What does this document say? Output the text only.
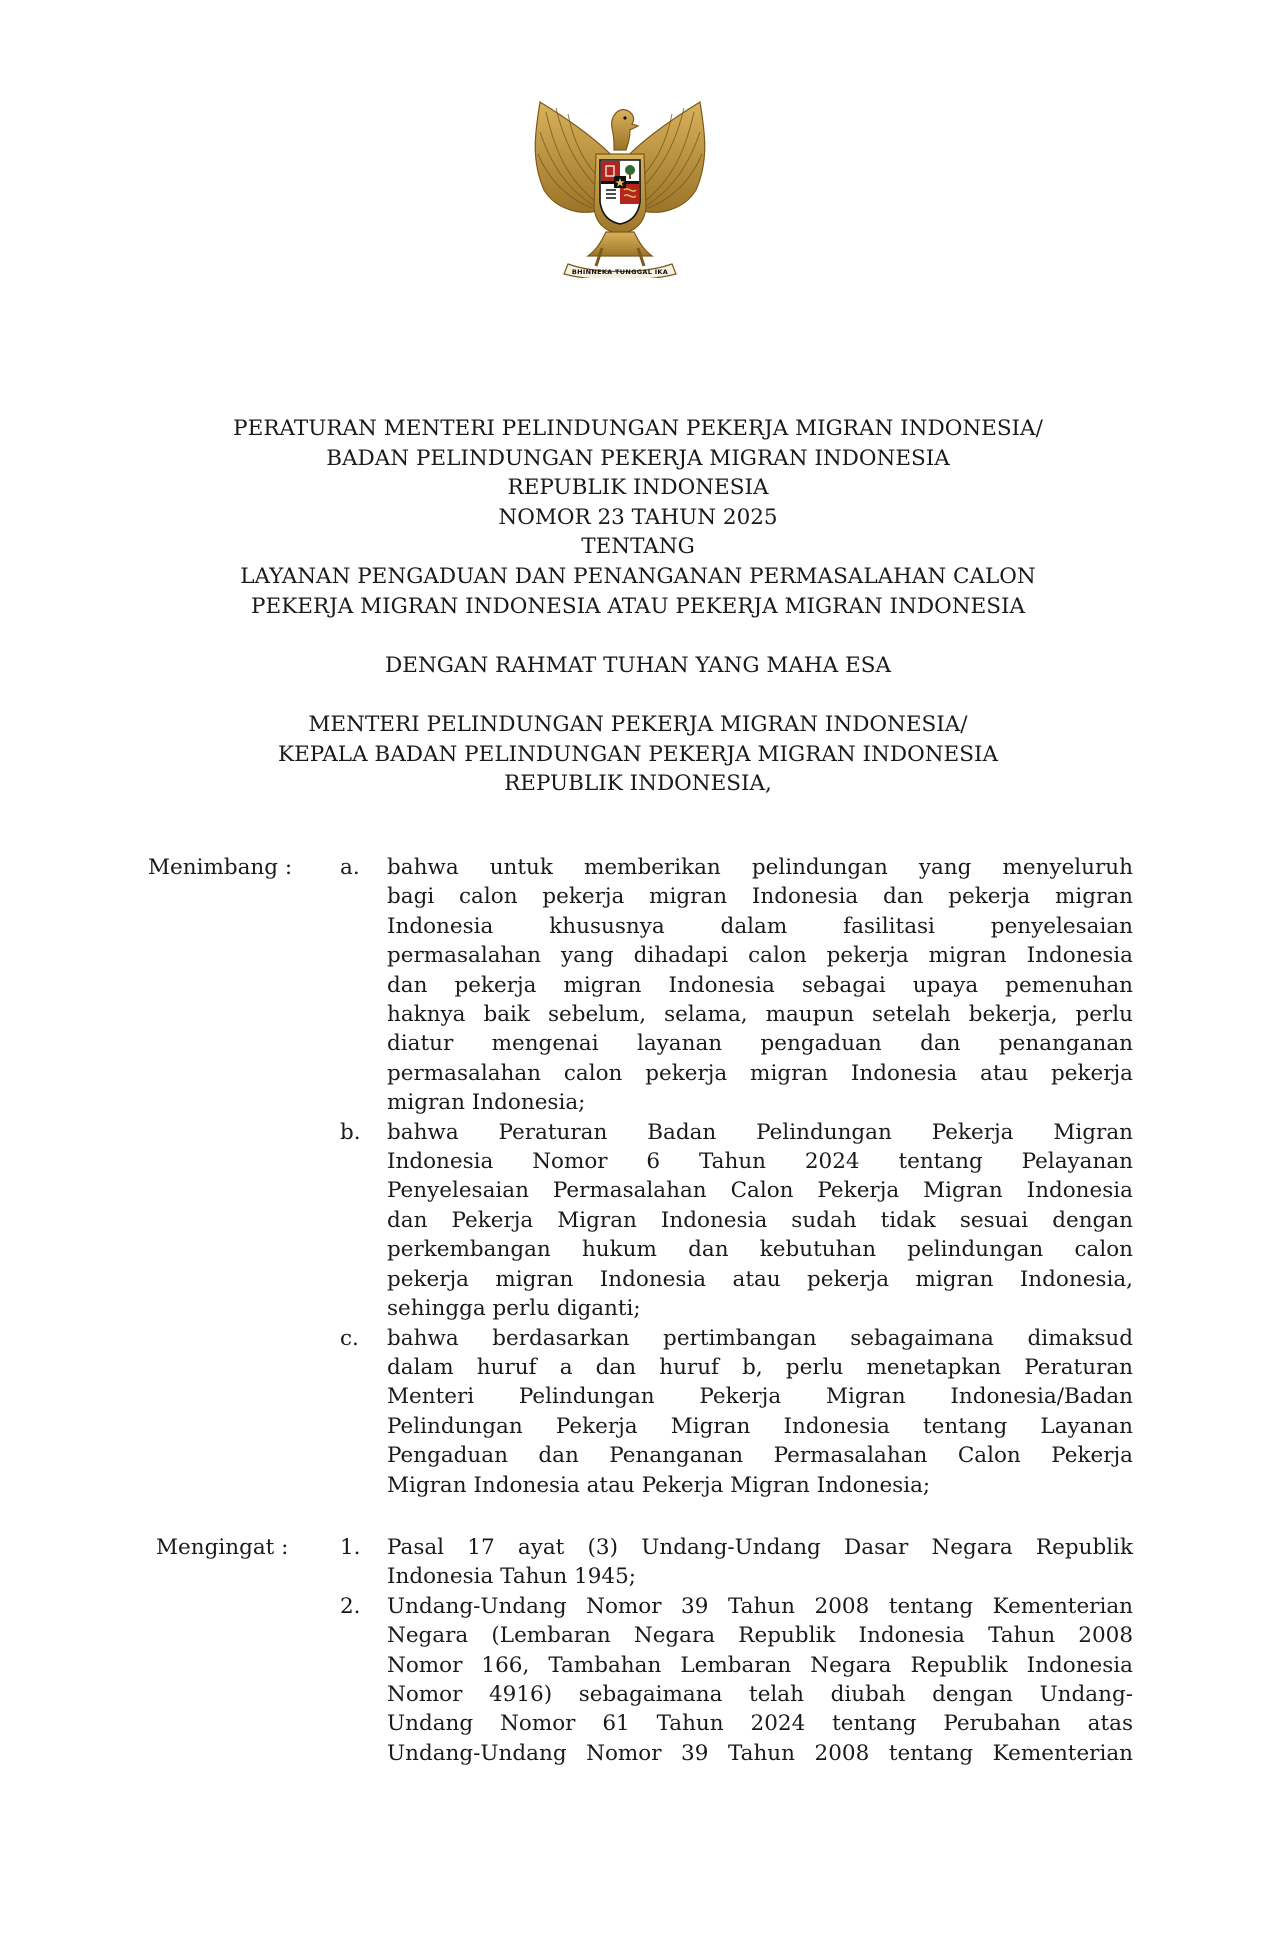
BHINNEKA TUNGGAL IKA
PERATURAN MENTERI PELINDUNGAN PEKERJA MIGRAN INDONESIA/
BADAN PELINDUNGAN PEKERJA MIGRAN INDONESIA
REPUBLIK INDONESIA
NOMOR 23 TAHUN 2025
TENTANG
LAYANAN PENGADUAN DAN PENANGANAN PERMASALAHAN CALON
PEKERJA MIGRAN INDONESIA ATAU PEKERJA MIGRAN INDONESIA
DENGAN RAHMAT TUHAN YANG MAHA ESA
MENTERI PELINDUNGAN PEKERJA MIGRAN INDONESIA/
KEPALA BADAN PELINDUNGAN PEKERJA MIGRAN INDONESIA
REPUBLIK INDONESIA,
Menimbang : a. bahwa untuk memberikan pelindungan yang menyeluruh
bagi calon pekerja migran Indonesia dan pekerja migran
Indonesia khususnya dalam fasilitasi penyelesaian
permasalahan yang dihadapi calon pekerja migran Indonesia
dan pekerja migran Indonesia sebagai upaya pemenuhan
haknya baik sebelum, selama, maupun setelah bekerja, perlu
diatur mengenai layanan pengaduan dan penanganan
permasalahan calon pekerja migran Indonesia atau pekerja
migran Indonesia;
b. bahwa Peraturan Badan Pelindungan Pekerja Migran
Indonesia Nomor 6 Tahun 2024 tentang Pelayanan
Penyelesaian Permasalahan Calon Pekerja Migran Indonesia
dan Pekerja Migran Indonesia sudah tidak sesuai dengan
perkembangan hukum dan kebutuhan pelindungan calon
pekerja migran Indonesia atau pekerja migran Indonesia,
sehingga perlu diganti;
c. bahwa berdasarkan pertimbangan sebagaimana dimaksud
dalam huruf a dan huruf b, perlu menetapkan Peraturan
Menteri Pelindungan Pekerja Migran Indonesia/Badan
Pelindungan Pekerja Migran Indonesia tentang Layanan
Pengaduan dan Penanganan Permasalahan Calon Pekerja
Migran Indonesia atau Pekerja Migran Indonesia;
Mengingat : 1. Pasal 17 ayat (3) Undang-Undang Dasar Negara Republik
Indonesia Tahun 1945;
2. Undang-Undang Nomor 39 Tahun 2008 tentang Kementerian
Negara (Lembaran Negara Republik Indonesia Tahun 2008
Nomor 166, Tambahan Lembaran Negara Republik Indonesia
Nomor 4916) sebagaimana telah diubah dengan Undang-
Undang Nomor 61 Tahun 2024 tentang Perubahan atas
Undang-Undang Nomor 39 Tahun 2008 tentang Kementerian
